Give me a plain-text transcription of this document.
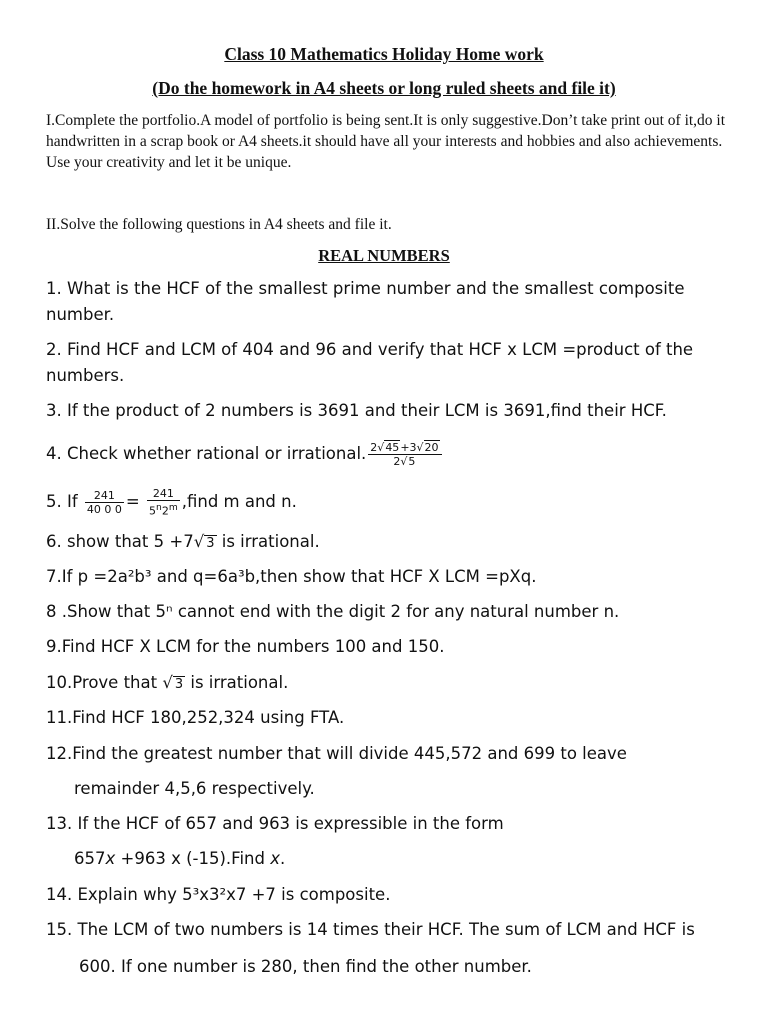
Class 10 Mathematics Holiday Home work
(Do the homework in A4 sheets or long ruled sheets and file it)
I.Complete the portfolio.A model of portfolio is being sent.It is only suggestive.Don’t take print out of it,do it handwritten in a scrap book or A4 sheets.it should have all your interests and hobbies and also achievements. Use your creativity and let it be unique.
II.Solve the following questions in A4 sheets and file it.
REAL NUMBERS
1. What is the HCF of the smallest prime number and the smallest composite number.
2. Find HCF and LCM of 404 and 96 and verify that HCF x LCM =product of the numbers.
3. If the product of 2 numbers is 3691 and their LCM is 3691,find their HCF.
4. Check whether rational or irrational. $\frac{2√45+3√20}{2√5}$
5. If $\frac{241}{40 0 0} = \frac{241}{5^n2^m}$ ,find m and n.
6. show that 5 +7√ 3 is irrational.
7.If p =2a²b³ and q=6a³b,then show that HCF X LCM =pXq.
8 .Show that 5ⁿ cannot end with the digit 2 for any natural number n.
9.Find HCF X LCM for the numbers 100 and 150.
10.Prove that √ 3 is irrational.
11.Find HCF 180,252,324 using FTA.
12.Find the greatest number that will divide 445,572 and 699 to leave
remainder 4,5,6 respectively.
13. If the HCF of 657 and 963 is expressible in the form
657x +963 x (-15).Find x.
14. Explain why 5³x3²x7 +7 is composite.
15. The LCM of two numbers is 14 times their HCF. The sum of LCM and HCF is
600. If one number is 280, then find the other number.
